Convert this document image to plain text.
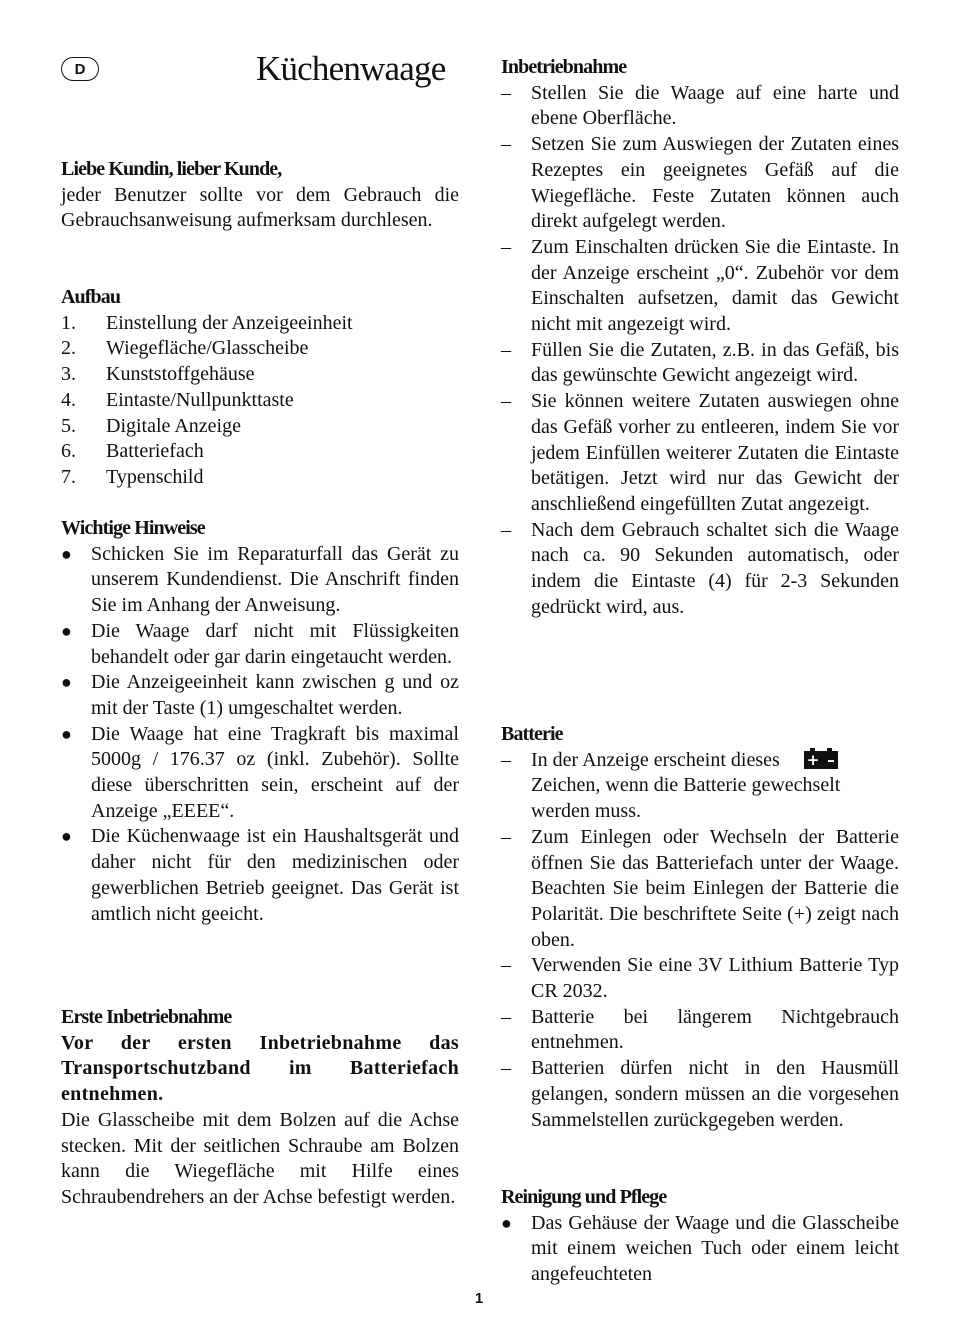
D	Küchenwaage
Liebe Kundin, lieber Kunde,
jeder Benutzer sollte vor dem Gebrauch die Gebrauchsanweisung aufmerksam durchlesen.
Aufbau
1.	Einstellung der Anzeigeeinheit
2.	Wiegefläche/Glasscheibe
3.	Kunststoffgehäuse
4.	Eintaste/Nullpunkttaste
5.	Digitale Anzeige
6.	Batteriefach
7.	Typenschild
Wichtige Hinweise
● Schicken Sie im Reparaturfall das Gerät zu unserem Kundendienst. Die Anschrift finden Sie im Anhang der Anweisung.
● Die Waage darf nicht mit Flüssigkeiten behandelt oder gar darin eingetaucht werden.
● Die Anzeigeeinheit kann zwischen g und oz mit der Taste (1) umgeschaltet werden.
● Die Waage hat eine Tragkraft bis maximal 5000g / 176.37 oz (inkl. Zubehör). Sollte diese überschritten sein, erscheint auf der Anzeige „EEEE“.
● Die Küchenwaage ist ein Haushaltsgerät und daher nicht für den medizinischen oder gewerblichen Betrieb geeignet. Das Gerät ist amtlich nicht geeicht.
Erste Inbetriebnahme
Vor der ersten Inbetriebnahme das Transportschutzband im Batteriefach entnehmen.
Die Glasscheibe mit dem Bolzen auf die Achse stecken. Mit der seitlichen Schraube am Bolzen kann die Wiegefläche mit Hilfe eines Schraubendrehers an der Achse befestigt werden.
Inbetriebnahme
–	Stellen Sie die Waage auf eine harte und ebene Oberfläche.
–	Setzen Sie zum Auswiegen der Zutaten eines Rezeptes ein geeignetes Gefäß auf die Wiegefläche. Feste Zutaten können auch direkt aufgelegt werden.
–	Zum Einschalten drücken Sie die Eintaste. In der Anzeige erscheint „0“. Zubehör vor dem Einschalten aufsetzen, damit das Gewicht nicht mit angezeigt wird.
–	Füllen Sie die Zutaten, z.B. in das Gefäß, bis das gewünschte Gewicht angezeigt wird.
–	Sie können weitere Zutaten auswiegen ohne das Gefäß vorher zu entleeren, indem Sie vor jedem Einfüllen weiterer Zutaten die Eintaste betätigen. Jetzt wird nur das Gewicht der anschließend eingefüllten Zutat angezeigt.
–	Nach dem Gebrauch schaltet sich die Waage nach ca. 90 Sekunden automatisch, oder indem die Eintaste (4) für 2-3 Sekunden gedrückt wird, aus.
Batterie
–	In der Anzeige erscheint dieses + –

Zeichen, wenn die Batterie gewechselt werden muss.
–	Zum Einlegen oder Wechseln der Batterie öffnen Sie das Batteriefach unter der Waage. Beachten Sie beim Einlegen der Batterie die Polarität. Die beschriftete Seite (+) zeigt nach oben.
–	Verwenden Sie eine 3V Lithium Batterie Typ CR 2032.
–	Batterie bei längerem Nichtgebrauch entnehmen.
–	Batterien dürfen nicht in den Hausmüll gelangen, sondern müssen an die vorgesehen Sammelstellen zurückgegeben werden.
Reinigung und Pflege
● Das Gehäuse der Waage und die Glasscheibe mit einem weichen Tuch oder einem leicht angefeuchteten
1
